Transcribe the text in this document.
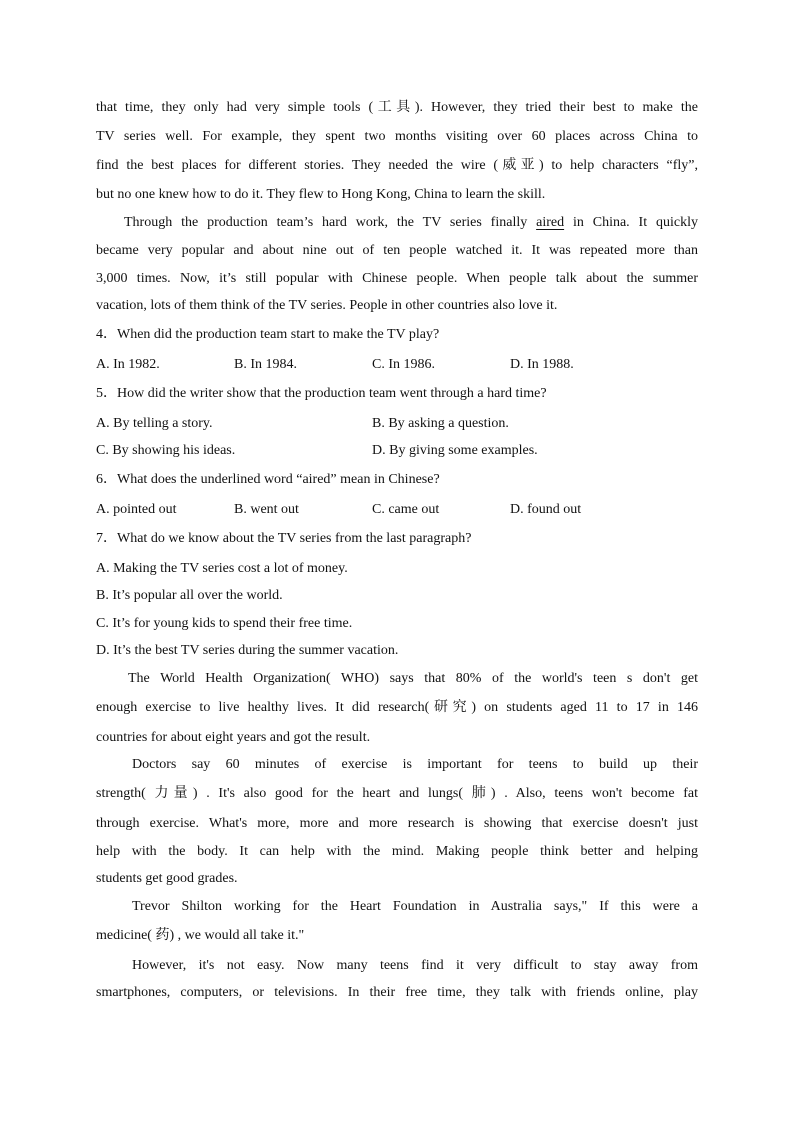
that time, they only had very simple tools (工具). However, they tried their best to make the
TV series well. For example, they spent two months visiting over 60 places across China to
find the best places for different stories. They needed the wire (威亚) to help characters “fly”,
but no one knew how to do it. They flew to Hong Kong, China to learn the skill.
Through the production team’s hard work, the TV series finally aired in China. It quickly
became very popular and about nine out of ten people watched it. It was repeated more than
3,000 times. Now, it’s still popular with Chinese people. When people talk about the summer
vacation, lots of them think of the TV series. People in other countries also love it.
4．When did the production team start to make the TV play?
A. In 1982.	B. In 1984.	C. In 1986.	D. In 1988.
5．How did the writer show that the production team went through a hard time?
A. By telling a story.	B. By asking a question.
C. By showing his ideas.	D. By giving some examples.
6．What does the underlined word “aired” mean in Chinese?
A. pointed out	B. went out	C. came out	D. found out
7．What do we know about the TV series from the last paragraph?
A. Making the TV series cost a lot of money.
B. It’s popular all over the world.
C. It’s for young kids to spend their free time.
D. It’s the best TV series during the summer vacation.
The World Health Organization( WHO) says that 80% of the world's teen s don't get
enough exercise to live healthy lives. It did research(研究) on students aged 11 to 17 in 146
countries for about eight years and got the result.
Doctors say 60 minutes of exercise is important for teens to build up their
strength( 力量) . It's also good for the heart and lungs( 肺) . Also, teens won't become fat
through exercise. What's more, more and more research is showing that exercise doesn't just
help with the body. It can help with the mind. Making people think better and helping
students get good grades.
Trevor Shilton working for the Heart Foundation in Australia says," If this were a
medicine( 药) , we would all take it."
However, it's not easy. Now many teens find it very difficult to stay away from
smartphones, computers, or televisions. In their free time, they talk with friends online, play
